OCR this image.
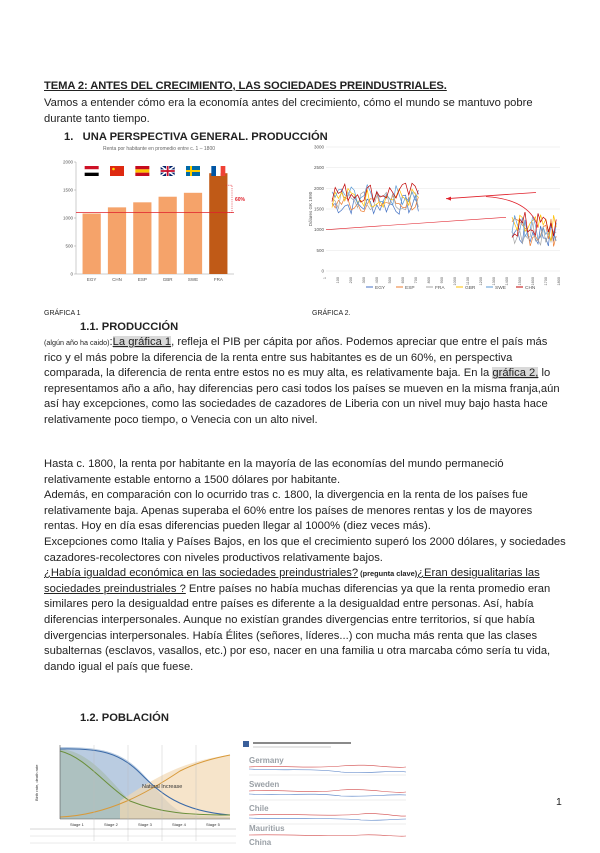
TEMA 2: ANTES DEL CRECIMIENTO, LAS SOCIEDADES PREINDUSTRIALES.
Vamos a entender cómo era la economía antes del crecimiento, cómo el mundo se mantuvo pobre durante tanto tiempo.
1.   UNA PERSPECTIVA GENERAL. PRODUCCIÓN
0
500
1000
1500
2000
EGY	CHN	ESP	GBR	SWE	FRA
60%
Renta por habitante en promedio entre c. 1 – 1800
0
500
1000
1500
2000
2500
3000
Dólares GK 1990
1 100 200 300 400 500 600 700 800 900 1000 1100 1200 1300 1400 1500 1600 1700 1800
EGY	ESP	FRA	GBR	SWE	CHN
GRÁFICA 1	GRÁFICA 2.
1.1. PRODUCCIÓN
(algún año ha caido):La gráfica 1, refleja el PIB per cápita por años. Podemos apreciar que entre el país más rico y el más pobre la diferencia de la renta entre sus habitantes es de un 60%, en perspectiva comparada, la diferencia de renta entre estos no es muy alta, es relativamente baja. En la gráfica 2, lo representamos año a año, hay diferencias pero casi todos los países se mueven en la misma franja,aún así hay excepciones, como las sociedades de cazadores de Liberia con un nivel muy bajo hasta hace relativamente poco tiempo, o Venecia con un alto nivel.
Hasta c. 1800, la renta por habitante en la mayoría de las economías del mundo permaneció relativamente estable entorno a 1500 dólares por habitante.
Además, en comparación con lo ocurrido tras c. 1800, la divergencia en la renta de los países fue relativamente baja. Apenas superaba el 60% entre los países de menores rentas y los de mayores rentas. Hoy en día esas diferencias pueden llegar al 1000% (diez veces más).
Excepciones como Italia y Países Bajos, en los que el crecimiento superó los 2000 dólares, y sociedades cazadores-recolectores con niveles productivos relativamente bajos.
¿Había igualdad económica en las sociedades preindustriales? (pregunta clave)¿Eran desigualitarias las sociedades preindustriales ? Entre países no había muchas diferencias ya que la renta promedio eran similares pero la desigualdad entre países es diferente a la desigualdad entre personas. Así, había diferencias interpersonales. Aunque no existían grandes divergencias entre territorios, sí que había divergencias interpersonales. Había Élites (señores, líderes...) con mucha más renta que las clases subalternas (esclavos, vasallos, etc.) por eso, nacer en una familia u otra marcaba cómo sería tu vida, dando igual el país que fuese.
1.2. POBLACIÓN
Natural Increase
Birth rate, death rate
Stage 1	Stage 2	Stage 3	Stage 4	Stage 5
Germany
Sweden
Chile
Mauritius
China
1
